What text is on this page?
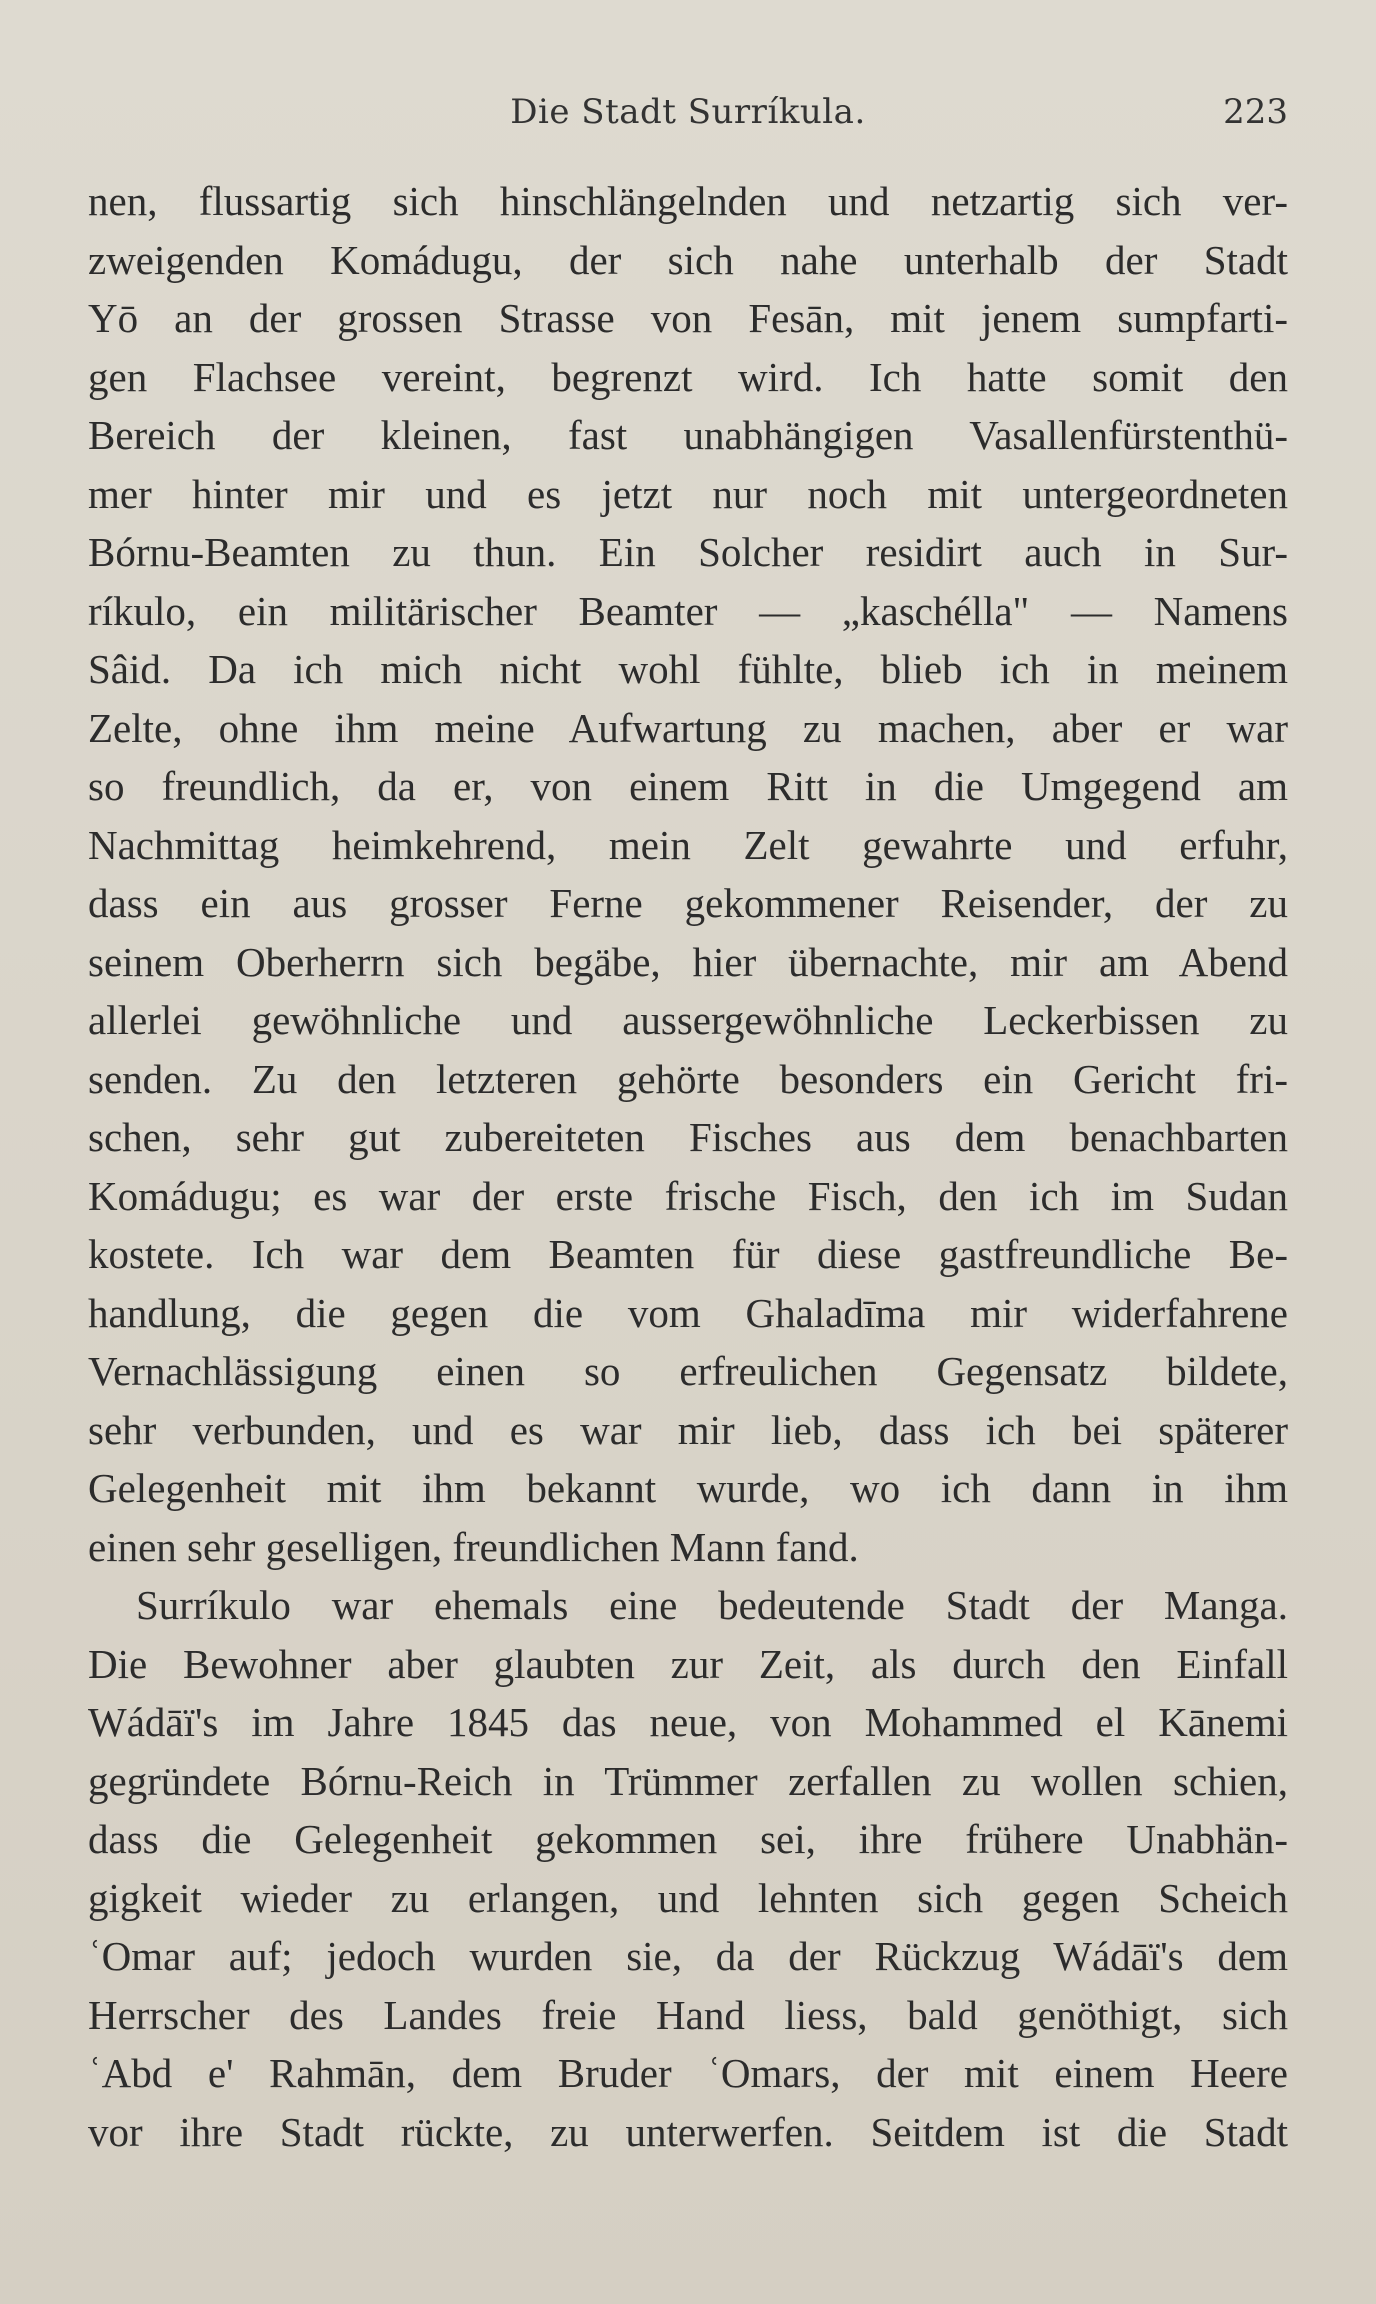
Die Stadt Surríkula.	223
nen, flussartig sich hinschlängelnden und netzartig sich ver-
zweigenden Komádugu, der sich nahe unterhalb der Stadt
Yō an der grossen Strasse von Fesān, mit jenem sumpfarti-
gen Flachsee vereint, begrenzt wird. Ich hatte somit den
Bereich der kleinen, fast unabhängigen Vasallenfürstenthü-
mer hinter mir und es jetzt nur noch mit untergeordneten
Bórnu-Beamten zu thun. Ein Solcher residirt auch in Sur-
ríkulo, ein militärischer Beamter — „kaschélla" — Namens
Sâid. Da ich mich nicht wohl fühlte, blieb ich in meinem
Zelte, ohne ihm meine Aufwartung zu machen, aber er war
so freundlich, da er, von einem Ritt in die Umgegend am
Nachmittag heimkehrend, mein Zelt gewahrte und erfuhr,
dass ein aus grosser Ferne gekommener Reisender, der zu
seinem Oberherrn sich begäbe, hier übernachte, mir am Abend
allerlei gewöhnliche und aussergewöhnliche Leckerbissen zu
senden. Zu den letzteren gehörte besonders ein Gericht fri-
schen, sehr gut zubereiteten Fisches aus dem benachbarten
Komádugu; es war der erste frische Fisch, den ich im Sudan
kostete. Ich war dem Beamten für diese gastfreundliche Be-
handlung, die gegen die vom Ghaladīma mir widerfahrene
Vernachlässigung einen so erfreulichen Gegensatz bildete,
sehr verbunden, und es war mir lieb, dass ich bei späterer
Gelegenheit mit ihm bekannt wurde, wo ich dann in ihm
einen sehr geselligen, freundlichen Mann fand.
Surríkulo war ehemals eine bedeutende Stadt der Manga.
Die Bewohner aber glaubten zur Zeit, als durch den Einfall
Wádāï's im Jahre 1845 das neue, von Mohammed el Kānemi
gegründete Bórnu-Reich in Trümmer zerfallen zu wollen schien,
dass die Gelegenheit gekommen sei, ihre frühere Unabhän-
gigkeit wieder zu erlangen, und lehnten sich gegen Scheich
ʿOmar auf; jedoch wurden sie, da der Rückzug Wádāï's dem
Herrscher des Landes freie Hand liess, bald genöthigt, sich
ʿAbd e' Rahmān, dem Bruder ʿOmars, der mit einem Heere
vor ihre Stadt rückte, zu unterwerfen. Seitdem ist die Stadt
